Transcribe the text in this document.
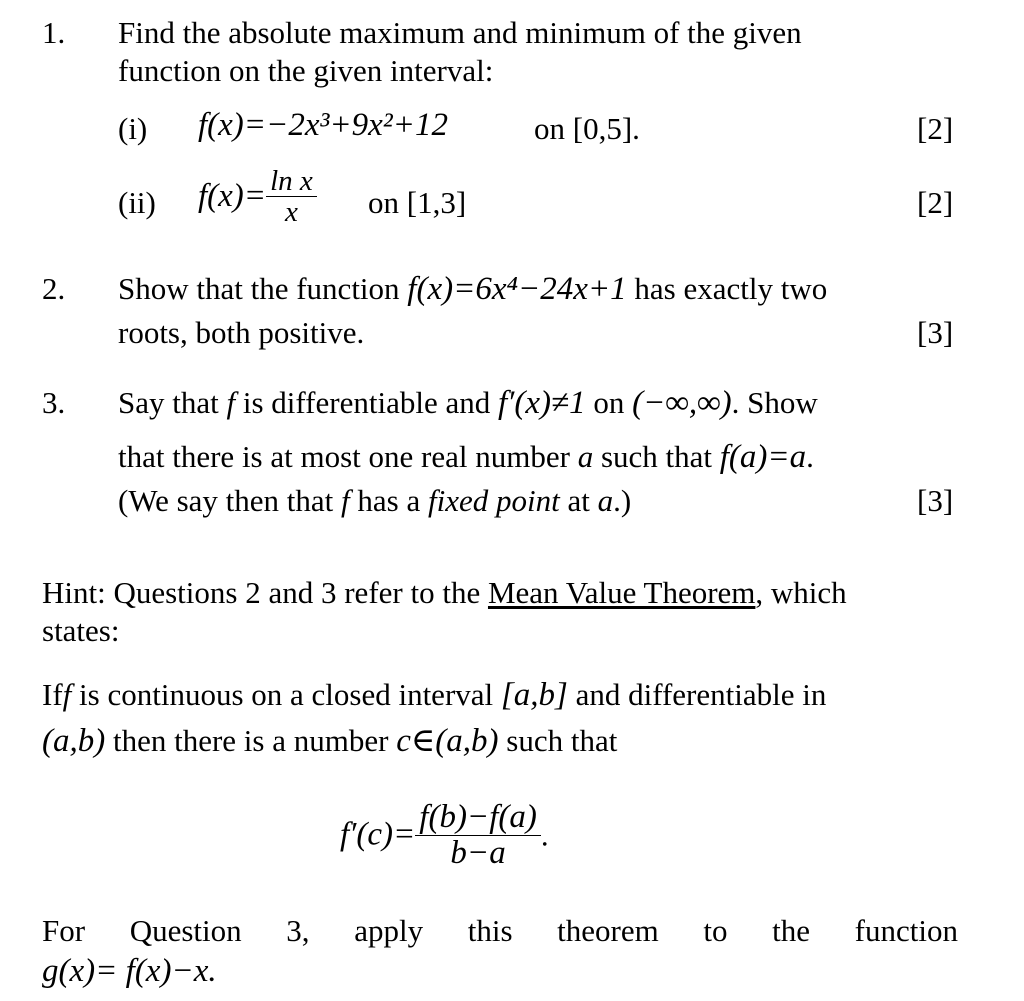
1. Find the absolute maximum and minimum of the given
function on the given interval:
(i) f(x)=−2x³+9x²+12	on [0,5].	[2]
(ii) $f(x)= \frac{\text{ln x}}{x}$ on [1,3]	[2]
2. Show that the function f(x)=6x⁴−24x+1 has exactly two
roots, both positive.	[3]
3. Say that f is differentiable and f′(x)≠1 on (−∞,∞). Show
that there is at most one real number a such that f(a)=a.
(We say then that f has a fixed point at a.)	[3]
Hint: Questions 2 and 3 refer to the Mean Value Theorem, which
states:
Iff is continuous on a closed interval [a,b] and differentiable in
(a,b) then there is a number c∈(a,b) such that
$f'(c)= \frac{f(b)-f(a)}{b-a}$ .
For Question 3, apply this theorem to the function
g(x)= f(x)−x.
